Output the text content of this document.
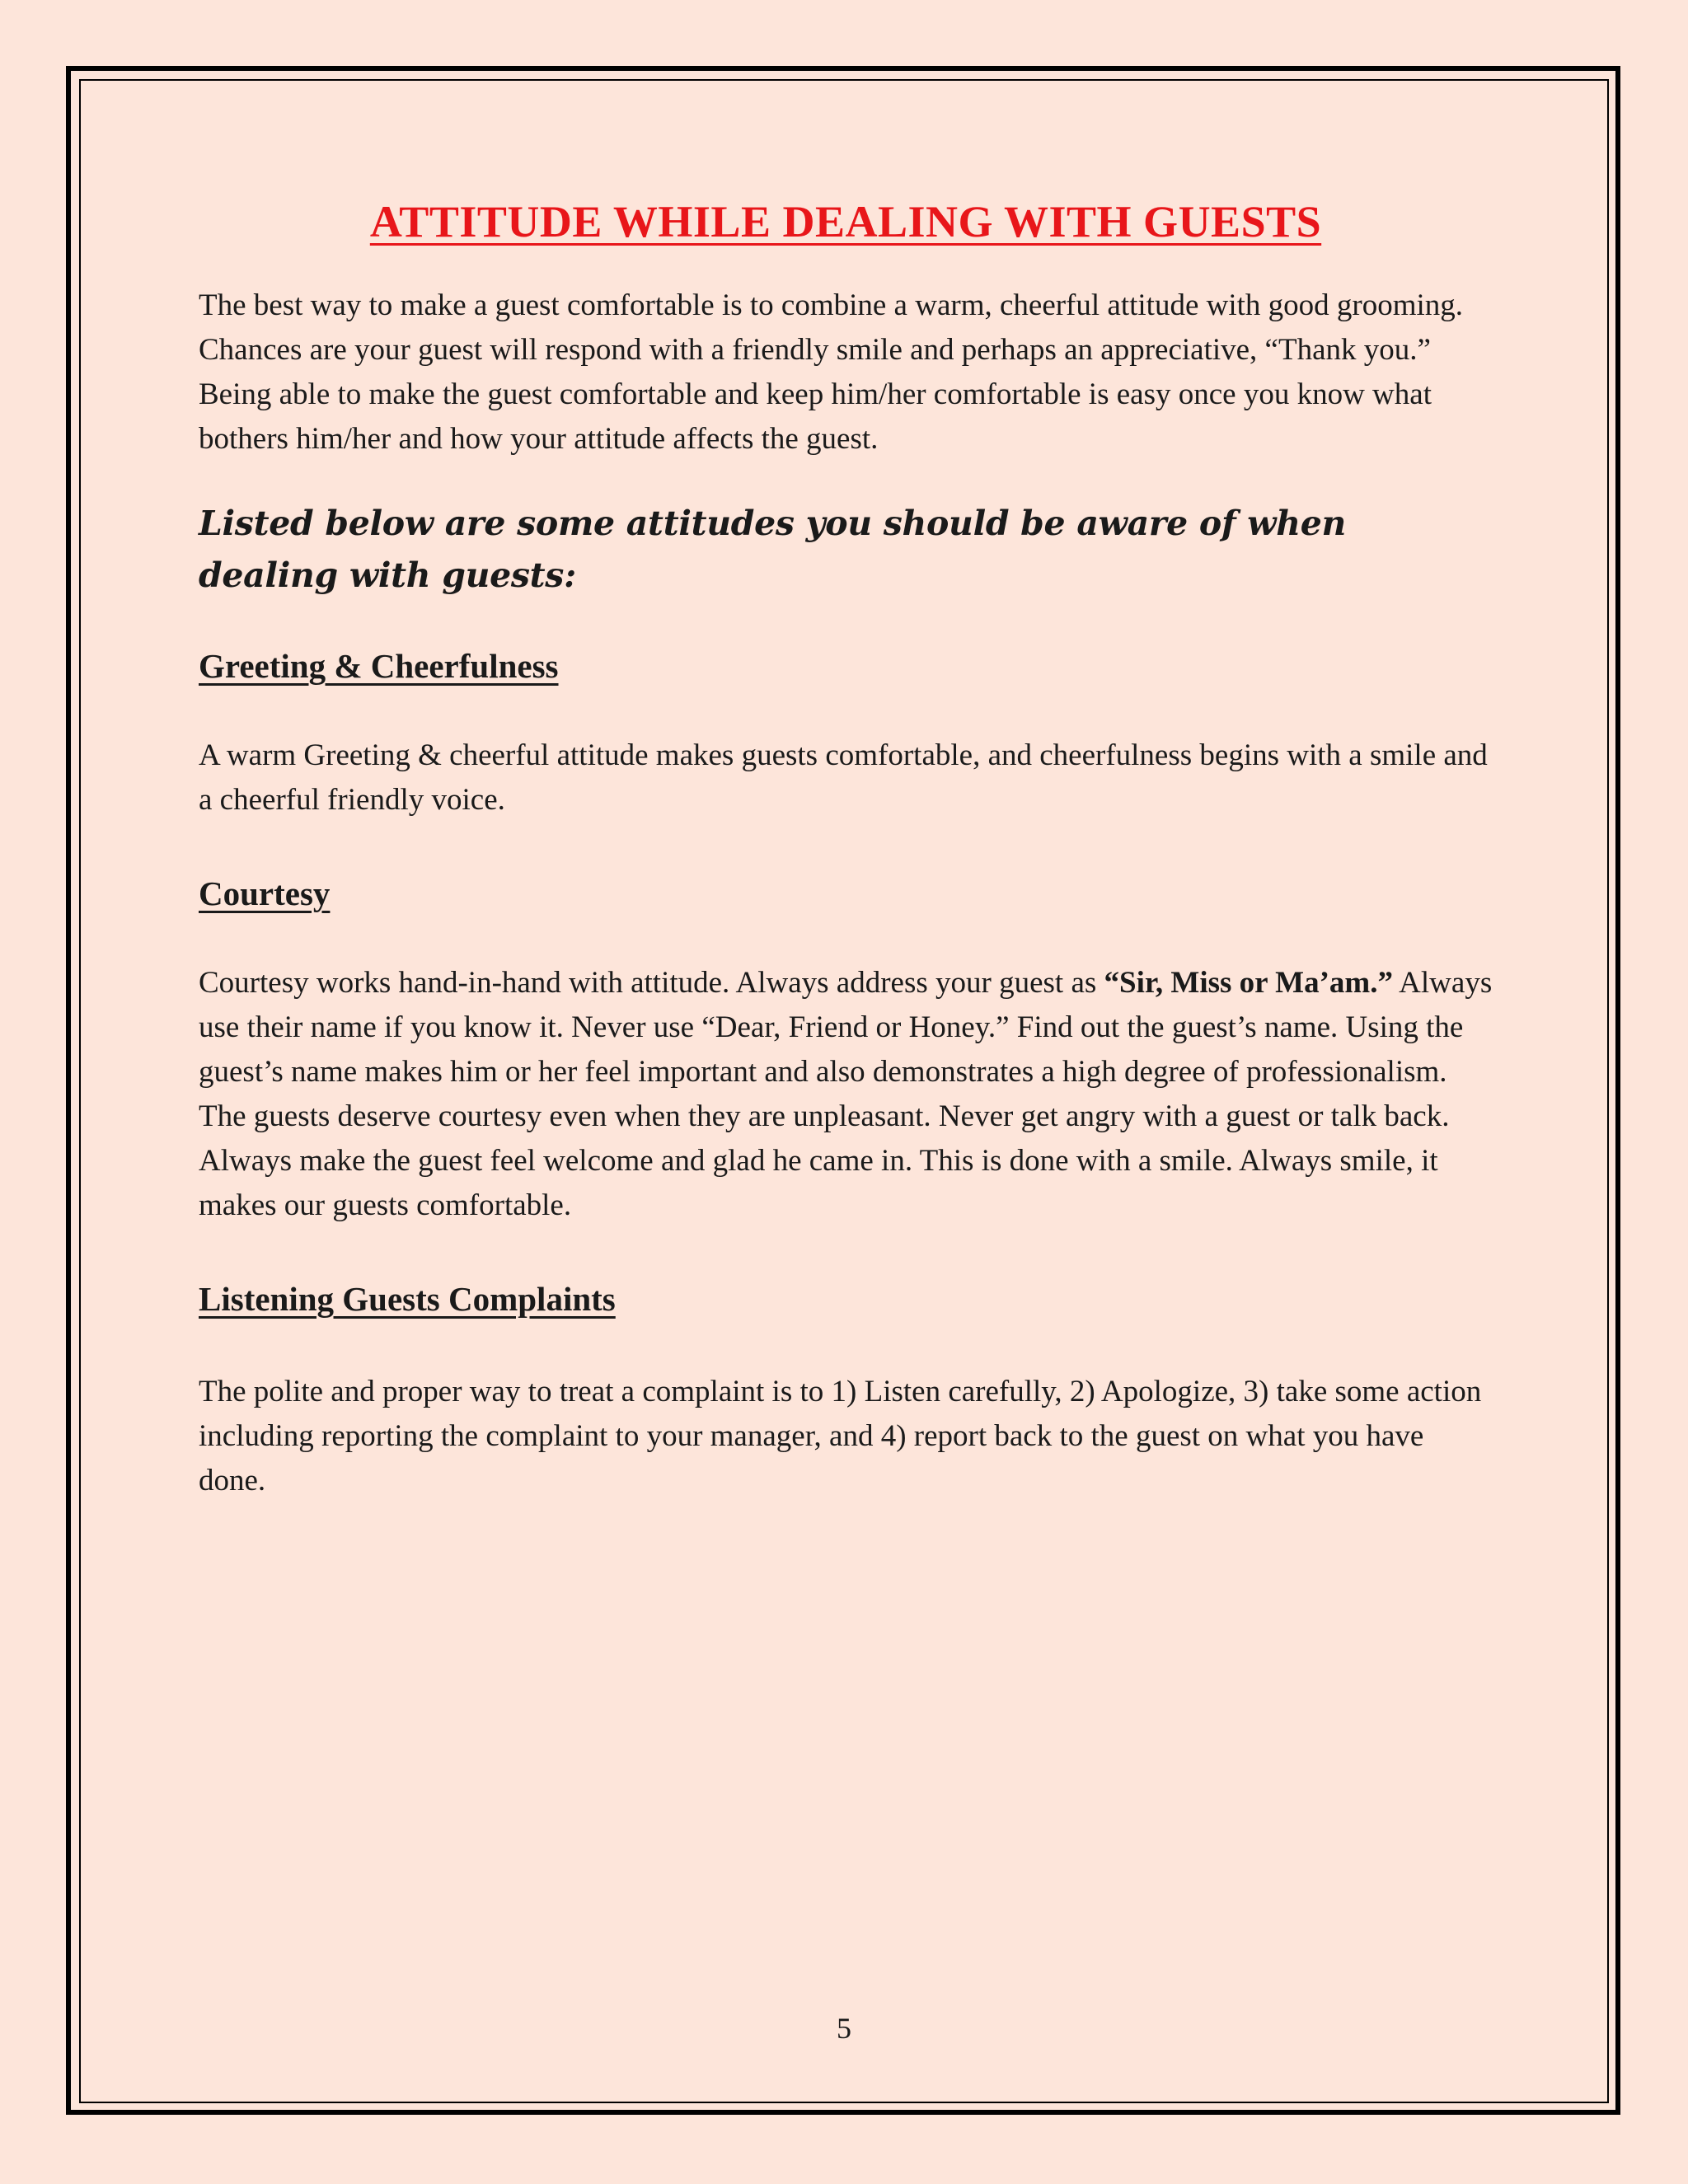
ATTITUDE WHILE DEALING WITH GUESTS

The best way to make a guest comfortable is to combine a warm, cheerful attitude with good grooming. Chances are your guest will respond with a friendly smile and perhaps an appreciative, “Thank you.”

Being able to make the guest comfortable and keep him/her comfortable is easy once you know what bothers him/her and how your attitude affects the guest.

Listed below are some attitudes you should be aware of when dealing with guests:

Greeting & Cheerfulness

A warm Greeting & cheerful attitude makes guests comfortable, and cheerfulness begins with a smile and a cheerful friendly voice.

Courtesy

Courtesy works hand-in-hand with attitude. Always address your guest as “Sir, Miss or Ma’am.” Always use their name if you know it. Never use “Dear, Friend or Honey.” Find out the guest’s name. Using the guest’s name makes him or her feel important and also demonstrates a high degree of professionalism. The guests deserve courtesy even when they are unpleasant. Never get angry with a guest or talk back.

Always make the guest feel welcome and glad he came in. This is done with a smile. Always smile, it makes our guests comfortable.

Listening Guests Complaints

The polite and proper way to treat a complaint is to 1) Listen carefully, 2) Apologize, 3) take some action including reporting the complaint to your manager, and 4) report back to the guest on what you have done.

5
